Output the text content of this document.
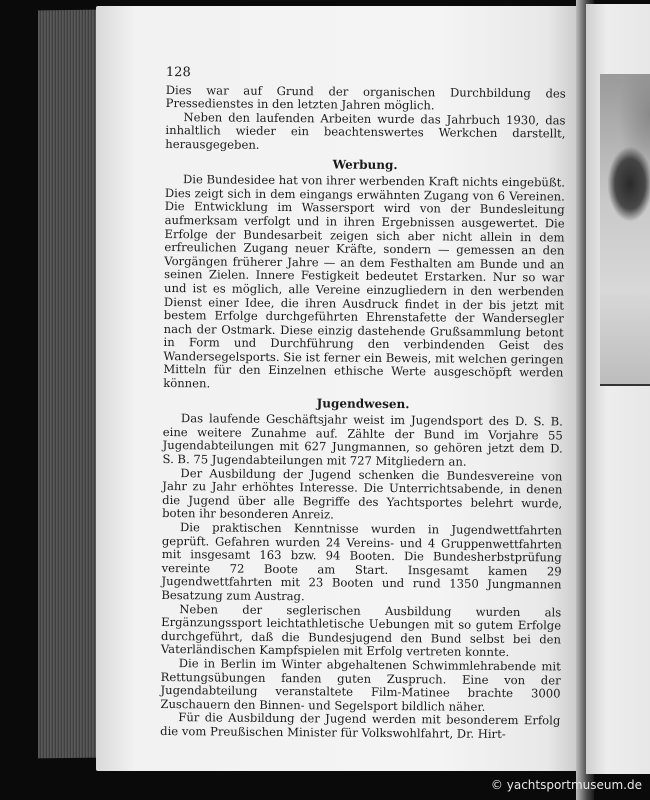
128

Dies war auf Grund der organischen Durchbildung des Pressedienstes in den letzten Jahren möglich.

Neben den laufenden Arbeiten wurde das Jahrbuch 1930, das inhaltlich wieder ein beachtenswertes Werkchen darstellt, herausgegeben.

Werbung.

Die Bundesidee hat von ihrer werbenden Kraft nichts eingebüßt. Dies zeigt sich in dem eingangs erwähnten Zugang von 6 Vereinen. Die Entwicklung im Wassersport wird von der Bundesleitung aufmerksam verfolgt und in ihren Ergebnissen ausgewertet. Die Erfolge der Bundesarbeit zeigen sich aber nicht allein in dem erfreulichen Zugang neuer Kräfte, sondern — gemessen an den Vorgängen früherer Jahre — an dem Festhalten am Bunde und an seinen Zielen. Innere Festigkeit bedeutet Erstarken. Nur so war und ist es möglich, alle Vereine einzugliedern in den werbenden Dienst einer Idee, die ihren Ausdruck findet in der bis jetzt mit bestem Erfolge durchgeführten Ehrenstafette der Wandersegler nach der Ostmark. Diese einzig dastehende Grußsammlung betont in Form und Durchführung den verbindenden Geist des Wandersegelsports. Sie ist ferner ein Beweis, mit welchen geringen Mitteln für den Einzelnen ethische Werte ausgeschöpft werden können.

Jugendwesen.

Das laufende Geschäftsjahr weist im Jugendsport des D. S. B. eine weitere Zunahme auf. Zählte der Bund im Vorjahre 55 Jugendabteilungen mit 627 Jungmannen, so gehören jetzt dem D. S. B. 75 Jugendabteilungen mit 727 Mitgliedern an.

Der Ausbildung der Jugend schenken die Bundesvereine von Jahr zu Jahr erhöhtes Interesse. Die Unterrichtsabende, in denen die Jugend über alle Begriffe des Yachtsportes belehrt wurde, boten ihr besonderen Anreiz.

Die praktischen Kenntnisse wurden in Jugendwettfahrten geprüft. Gefahren wurden 24 Vereins- und 4 Gruppenwettfahrten mit insgesamt 163 bzw. 94 Booten. Die Bundesherbstprüfung vereinte 72 Boote am Start. Insgesamt kamen 29 Jugendwettfahrten mit 23 Booten und rund 1350 Jungmannen Besatzung zum Austrag.

Neben der seglerischen Ausbildung wurden als Ergänzungssport leichtathletische Uebungen mit so gutem Erfolge durchgeführt, daß die Bundesjugend den Bund selbst bei den Vaterländischen Kampfspielen mit Erfolg vertreten konnte.

Die in Berlin im Winter abgehaltenen Schwimmlehrabende mit Rettungsübungen fanden guten Zuspruch. Eine von der Jugendabteilung veranstaltete Film-Matinee brachte 3000 Zuschauern den Binnen- und Segelsport bildlich näher.

Für die Ausbildung der Jugend werden mit besonderem Erfolg die vom Preußischen Minister für Volkswohlfahrt, Dr. Hirt-

© yachtsportmuseum.de
